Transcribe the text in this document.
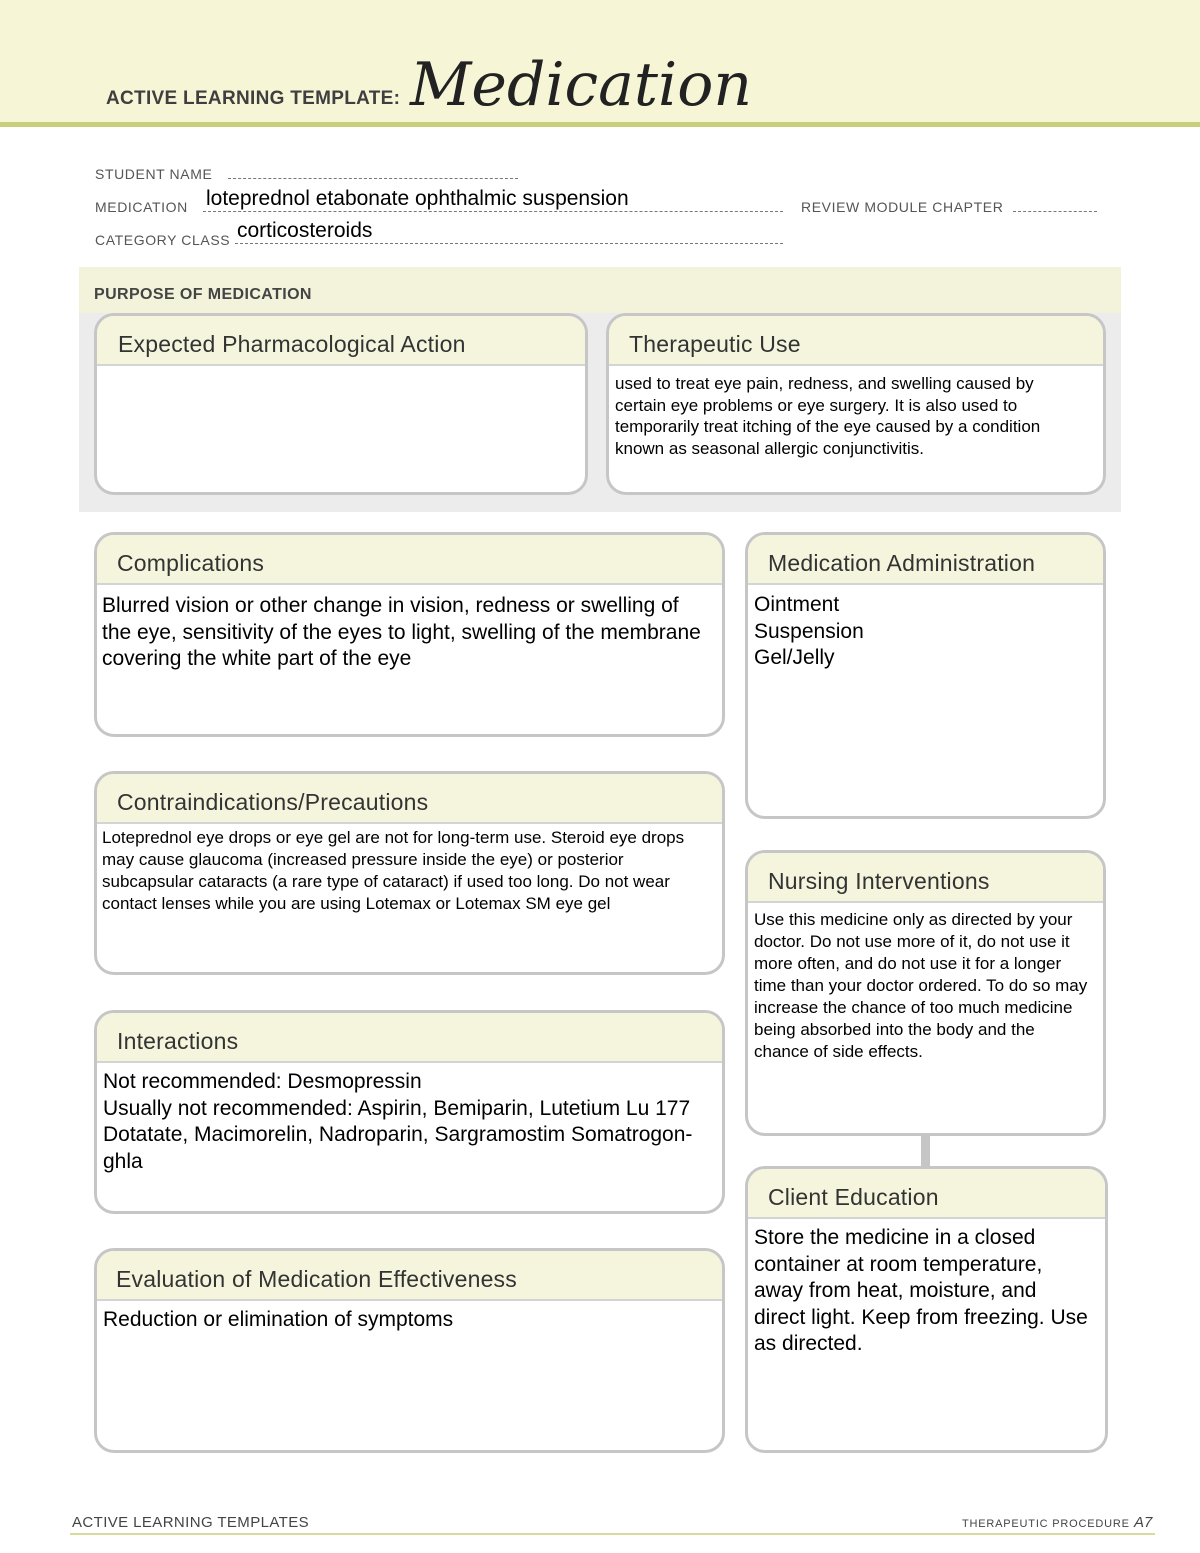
ACTIVE LEARNING TEMPLATE: Medication
STUDENT NAME
MEDICATION loteprednol etabonate ophthalmic suspension	REVIEW MODULE CHAPTER
CATEGORY CLASS corticosteroids
PURPOSE OF MEDICATION
Expected Pharmacological Action	Therapeutic Use
used to treat eye pain, redness, and swelling caused by certain eye problems or eye surgery. It is also used to temporarily treat itching of the eye caused by a condition known as seasonal allergic conjunctivitis.
Complications
Blurred vision or other change in vision, redness or swelling of the eye, sensitivity of the eyes to light, swelling of the membrane covering the white part of the eye
Contraindications/Precautions
Loteprednol eye drops or eye gel are not for long-term use. Steroid eye drops may cause glaucoma (increased pressure inside the eye) or posterior subcapsular cataracts (a rare type of cataract) if used too long. Do not wear contact lenses while you are using Lotemax or Lotemax SM eye gel
Interactions
Not recommended: Desmopressin
Usually not recommended: Aspirin, Bemiparin, Lutetium Lu 177 Dotatate, Macimorelin, Nadroparin, Sargramostim Somatrogon-ghla
Evaluation of Medication Effectiveness
Reduction or elimination of symptoms
Medication Administration
Ointment
Suspension
Gel/Jelly
Nursing Interventions
Use this medicine only as directed by your doctor. Do not use more of it, do not use it more often, and do not use it for a longer time than your doctor ordered. To do so may increase the chance of too much medicine being absorbed into the body and the chance of side effects.
Client Education
Store the medicine in a closed container at room temperature, away from heat, moisture, and direct light. Keep from freezing. Use as directed.
ACTIVE LEARNING TEMPLATES	THERAPEUTIC PROCEDURE A7
